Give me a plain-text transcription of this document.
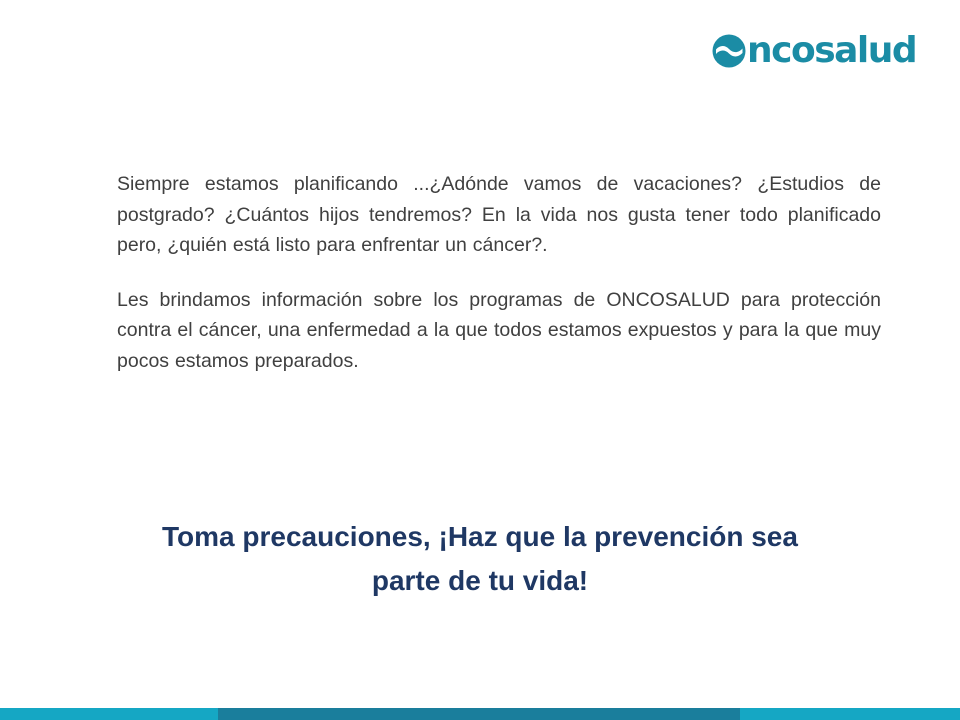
ncosalud

Siempre estamos planificando ...¿Adónde vamos de vacaciones? ¿Estudios de postgrado? ¿Cuántos hijos tendremos? En la vida nos gusta tener todo planificado pero, ¿quién está listo para enfrentar un cáncer?.

Les brindamos información sobre los programas de ONCOSALUD para protección contra el cáncer, una enfermedad a la que todos estamos expuestos y para la que muy pocos estamos preparados.

Toma precauciones, ¡Haz que la prevención sea
parte de tu vida!
